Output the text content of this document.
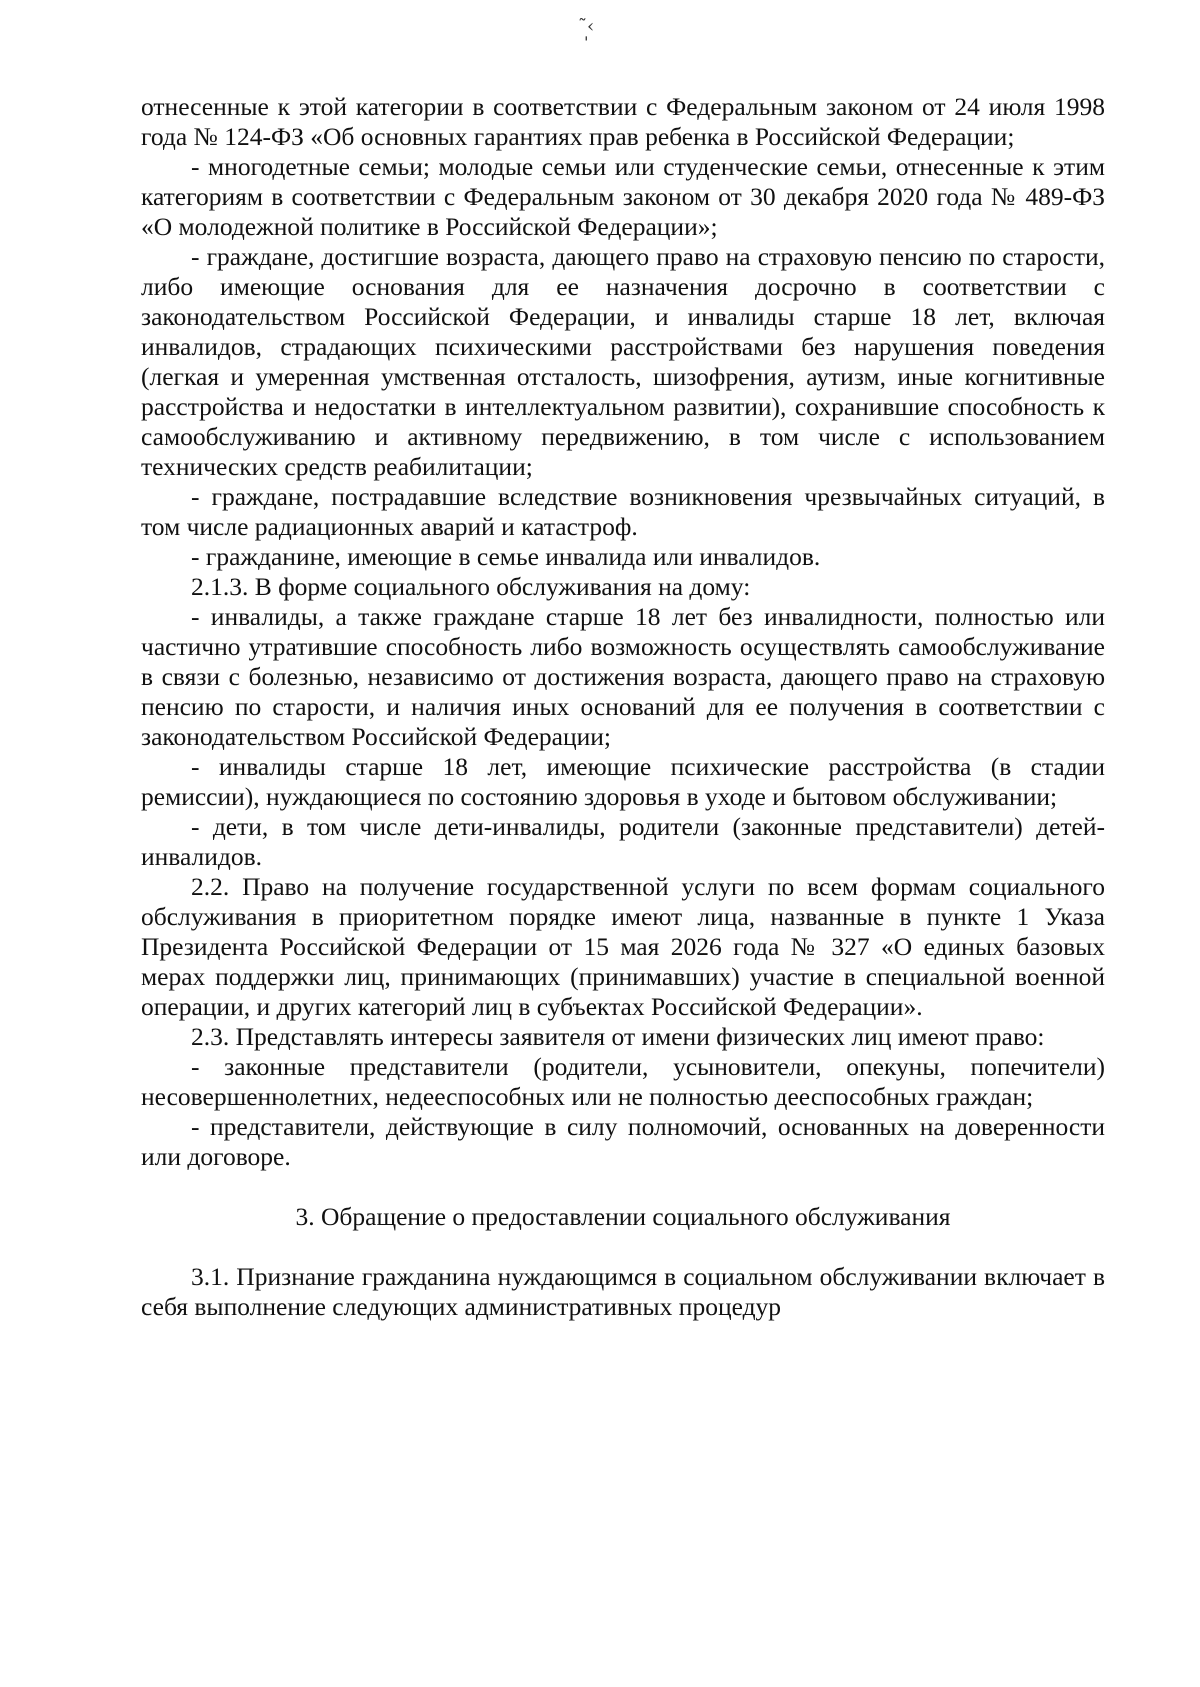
˜‹
ˈ

отнесенные к этой категории в соответствии с Федеральным законом от 24 июля 1998 года № 124-ФЗ «Об основных гарантиях прав ребенка в Российской Федерации;

- многодетные семьи; молодые семьи или студенческие семьи, отнесенные к этим категориям в соответствии с Федеральным законом от 30 декабря 2020 года № 489-ФЗ «О молодежной политике в Российской Федерации»;

- граждане, достигшие возраста, дающего право на страховую пенсию по старости, либо имеющие основания для ее назначения досрочно в соответствии с законодательством Российской Федерации, и инвалиды старше 18 лет, включая инвалидов, страдающих психическими расстройствами без нарушения поведения (легкая и умеренная умственная отсталость, шизофрения, аутизм, иные когнитивные расстройства и недостатки в интеллектуальном развитии), сохранившие способность к самообслуживанию и активному передвижению, в том числе с использованием технических средств реабилитации;

- граждане, пострадавшие вследствие возникновения чрезвычайных ситуаций, в том числе радиационных аварий и катастроф.

- гражданине, имеющие в семье инвалида или инвалидов.

2.1.3. В форме социального обслуживания на дому:

- инвалиды, а также граждане старше 18 лет без инвалидности, полностью или частично утратившие способность либо возможность осуществлять самообслуживание в связи с болезнью, независимо от достижения возраста, дающего право на страховую пенсию по старости, и наличия иных оснований для ее получения в соответствии с законодательством Российской Федерации;

- инвалиды старше 18 лет, имеющие психические расстройства (в стадии ремиссии), нуждающиеся по состоянию здоровья в уходе и бытовом обслуживании;

- дети, в том числе дети-инвалиды, родители (законные представители) детей-инвалидов.

2.2. Право на получение государственной услуги по всем формам социального обслуживания в приоритетном порядке имеют лица, названные в пункте 1 Указа Президента Российской Федерации от 15 мая 2026 года № 327 «О единых базовых мерах поддержки лиц, принимающих (принимавших) участие в специальной военной операции, и других категорий лиц в субъектах Российской Федерации».

2.3. Представлять интересы заявителя от имени физических лиц имеют право:

- законные представители (родители, усыновители, опекуны, попечители) несовершеннолетних, недееспособных или не полностью дееспособных граждан;

- представители, действующие в силу полномочий, основанных на доверенности или договоре.

3. Обращение о предоставлении социального обслуживания

3.1. Признание гражданина нуждающимся в социальном обслуживании включает в себя выполнение следующих административных процедур
